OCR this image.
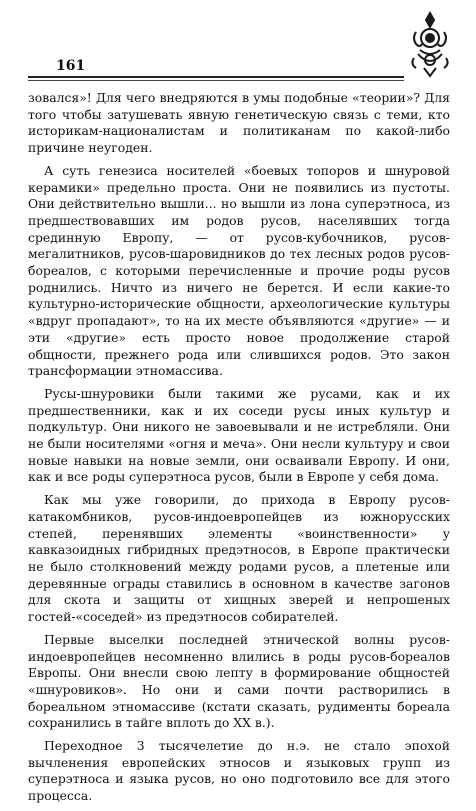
161

зовался»! Для чего внедряются в умы подобные «теории»? Для того чтобы затушевать явную генетическую связь с теми, кто историкам-националистам и политиканам по какой-либо причине неугоден.

А суть генезиса носителей «боевых топоров и шнуровой керамики» предельно проста. Они не появились из пустоты. Они действительно вышли... но вышли из лона суперэтноса, из предшествовавших им родов русов, населявших тогда срединную Европу, — от русов-кубочников, русов-мегалитников, русов-шаровидников до тех лесных родов русов-бореалов, с которыми перечисленные и прочие роды русов роднились. Ничто из ничего не берется. И если какие-то культурно-исторические общности, археологические культуры «вдруг пропадают», то на их месте объявляются «другие» — и эти «другие» есть просто новое продолжение старой общности, прежнего рода или слившихся родов. Это закон трансформации этномассива.

Русы-шнуровики были такими же русами, как и их предшественники, как и их соседи русы иных культур и подкультур. Они никого не завоевывали и не истребляли. Они не были носителями «огня и меча». Они несли культуру и свои новые навыки на новые земли, они осваивали Европу. И они, как и все роды суперэтноса русов, были в Европе у себя дома.

Как мы уже говорили, до прихода в Европу русов-катакомбников, русов-индоевропейцев из южнорусских степей, перенявших элементы «воинственности» у кавказоидных гибридных предэтносов, в Европе практически не было столкновений между родами русов, а плетеные или деревянные ограды ставились в основном в качестве загонов для скота и защиты от хищных зверей и непрошеных гостей-«соседей» из предэтносов собирателей.

Первые выселки последней этнической волны русов-индоевропейцев несомненно влились в роды русов-бореалов Европы. Они внесли свою лепту в формирование общностей «шнуровиков». Но они и сами почти растворились в бореальном этномассиве (кстати сказать, рудименты бореала сохранились в тайге вплоть до XX в.).

Переходное 3 тысячелетие до н.э. не стало эпохой вычленения европейских этносов и языковых групп из суперэтноса и языка русов, но оно подготовило все для этого процесса.
